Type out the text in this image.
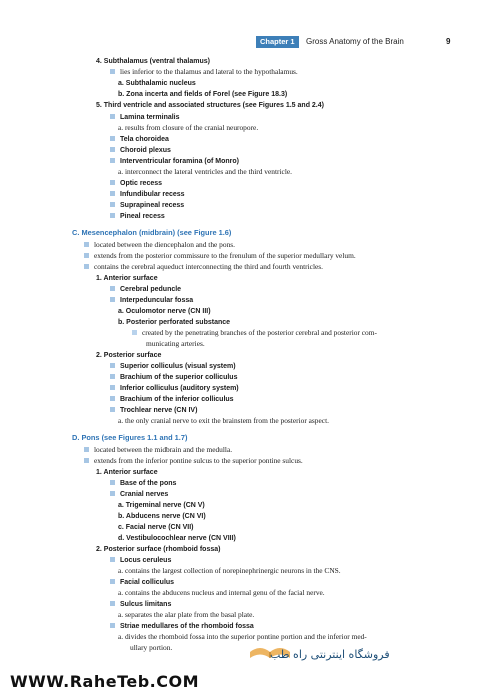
Chapter 1	Gross Anatomy of the Brain	9
4. Subthalamus (ventral thalamus)
lies inferior to the thalamus and lateral to the hypothalamus.
a. Subthalamic nucleus
b. Zona incerta and fields of Forel (see Figure 18.3)
5. Third ventricle and associated structures (see Figures 1.5 and 2.4)
Lamina terminalis
a. results from closure of the cranial neuropore.
Tela choroidea
Choroid plexus
Interventricular foramina (of Monro)
a. interconnect the lateral ventricles and the third ventricle.
Optic recess
Infundibular recess
Suprapineal recess
Pineal recess
C. Mesencephalon (midbrain) (see Figure 1.6)
located between the diencephalon and the pons.
extends from the posterior commissure to the frenulum of the superior medullary velum.
contains the cerebral aqueduct interconnecting the third and fourth ventricles.
1. Anterior surface
Cerebral peduncle
Interpeduncular fossa
a. Oculomotor nerve (CN III)
b. Posterior perforated substance
created by the penetrating branches of the posterior cerebral and posterior com-
municating arteries.
2. Posterior surface
Superior colliculus (visual system)
Brachium of the superior colliculus
Inferior colliculus (auditory system)
Brachium of the inferior colliculus
Trochlear nerve (CN IV)
a. the only cranial nerve to exit the brainstem from the posterior aspect.
D. Pons (see Figures 1.1 and 1.7)
located between the midbrain and the medulla.
extends from the inferior pontine sulcus to the superior pontine sulcus.
1. Anterior surface
Base of the pons
Cranial nerves
a. Trigeminal nerve (CN V)
b. Abducens nerve (CN VI)
c. Facial nerve (CN VII)
d. Vestibulocochlear nerve (CN VIII)
2. Posterior surface (rhomboid fossa)
Locus ceruleus
a. contains the largest collection of norepinephrinergic neurons in the CNS.
Facial colliculus
a. contains the abducens nucleus and internal genu of the facial nerve.
Sulcus limitans
a. separates the alar plate from the basal plate.
Striae medullares of the rhomboid fossa
a. divides the rhomboid fossa into the superior pontine portion and the inferior med-
ullary portion.
فروشگاه اینترنتی راه طب
WWW.RaheTeb.COM
